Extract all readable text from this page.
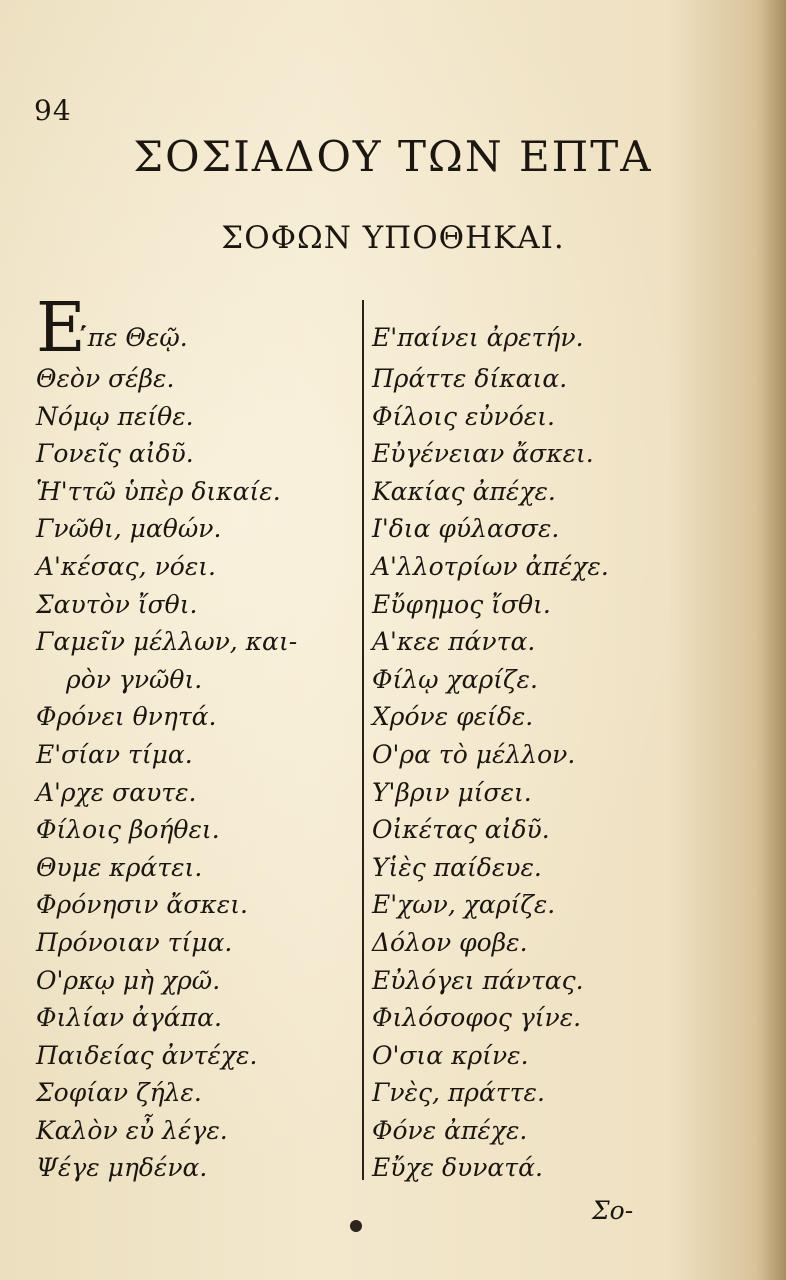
94
ΣΟΣΙΑΔΟΥ ΤΩΝ ΕΠΤΑ
ΣΟΦΩΝ ΥΠΟΘΗΚΑΙ.
Ε ̔́πε Θεῷ.
Θεὸν σέβε.
Νόμῳ πείθε.
Γονεῖς αἰδῦ.
Ἡ'ττῶ ὑπὲρ δικαίε.
Γνῶθι, μαθών.
Α'κέσας, νόει.
Σαυτὸν ἴσθι.
Γαμεῖν μέλλων, και-
ρὸν γνῶθι.
Φρόνει θνητά.
Ε'σίαν τίμα.
Α'ρχε σαυτε.
Φίλοις βοήθει.
Θυμε κράτει.
Φρόνησιν ἄσκει.
Πρόνοιαν τίμα.
Ο'ρκῳ μὴ χρῶ.
Φιλίαν ἀγάπα.
Παιδείας ἀντέχε.
Σοφίαν ζήλε.
Καλὸν εὖ λέγε.
Ψέγε μηδένα.
Ε'παίνει ἀρετήν.
Πράττε δίκαια.
Φίλοις εὐνόει.
Εὐγένειαν ἄσκει.
Κακίας ἀπέχε.
Ι'δια φύλασσε.
Α'λλοτρίων ἀπέχε.
Εὔφημος ἴσθι.
Α'κεε πάντα.
Φίλῳ χαρίζε.
Χρόνε φείδε.
Ο'ρα τὸ μέλλον.
Υ'βριν μίσει.
Οἰκέτας αἰδῦ.
Υἱὲς παίδευε.
Ε'χων, χαρίζε.
Δόλον φοβε.
Εὐλόγει πάντας.
Φιλόσοφος γίνε.
Ο'σια κρίνε.
Γνὲς, πράττε.
Φόνε ἀπέχε.
Εὔχε δυνατά.
Σο-
